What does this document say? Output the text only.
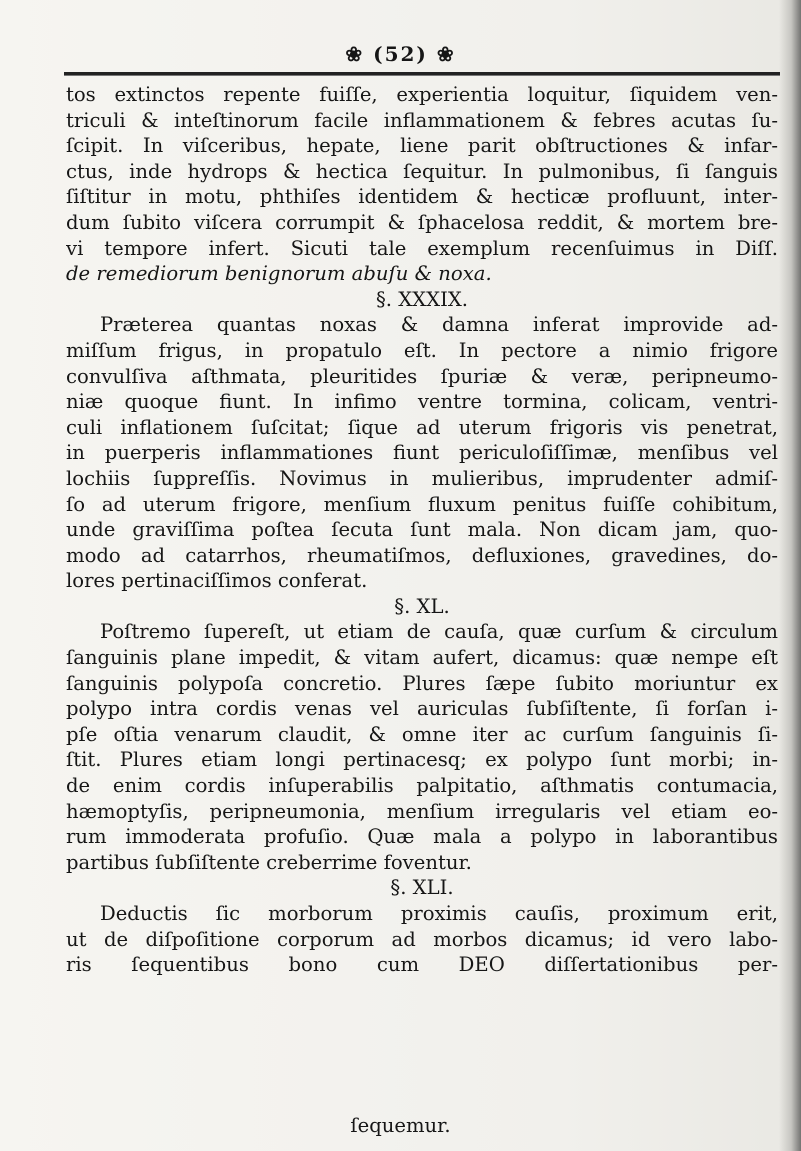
❀ (52) ❀
tos extinctos repente fuiſſe, experientia loquitur, ſiquidem ven-
triculi & inteſtinorum facile inflammationem & febres acutas ſu-
ſcipit. In viſceribus, hepate, liene parit obſtructiones & infar-
ctus, inde hydrops & hectica ſequitur. In pulmonibus, ſi ſanguis
ſiſtitur in motu, phthiſes identidem & hecticæ profluunt, inter-
dum ſubito viſcera corrumpit & ſphacelosa reddit, & mortem bre-
vi tempore infert. Sicuti tale exemplum recenſuimus in Diſſ.
de remediorum benignorum abuſu & noxa.
§. XXXIX.
Præterea quantas noxas & damna inferat improvide ad-
miſſum frigus, in propatulo eſt. In pectore a nimio frigore
convulſiva aſthmata, pleuritides ſpuriæ & veræ, peripneumo-
niæ quoque fiunt. In infimo ventre tormina, colicam, ventri-
culi inflationem ſuſcitat; ſique ad uterum frigoris vis penetrat,
in puerperis inflammationes fiunt periculoſiſſimæ, menſibus vel
lochiis ſuppreſſis. Novimus in mulieribus, imprudenter admiſ-
ſo ad uterum frigore, menſium fluxum penitus fuiſſe cohibitum,
unde graviſſima poſtea ſecuta ſunt mala. Non dicam jam, quo-
modo ad catarrhos, rheumatiſmos, defluxiones, gravedines, do-
lores pertinaciſſimos conferat.
§. XL.
Poſtremo ſupereſt, ut etiam de cauſa, quæ curſum & circulum
ſanguinis plane impedit, & vitam aufert, dicamus: quæ nempe eſt
ſanguinis polypoſa concretio. Plures ſæpe ſubito moriuntur ex
polypo intra cordis venas vel auriculas ſubſiſtente, ſi forſan i-
pſe oſtia venarum claudit, & omne iter ac curſum ſanguinis ſi-
ſtit. Plures etiam longi pertinacesq; ex polypo ſunt morbi; in-
de enim cordis inſuperabilis palpitatio, aſthmatis contumacia,
hæmoptyſis, peripneumonia, menſium irregularis vel etiam eo-
rum immoderata profuſio. Quæ mala a polypo in laborantibus
partibus ſubſiſtente creberrime foventur.
§. XLI.
Deductis ſic morborum proximis cauſis, proximum erit,
ut de diſpoſitione corporum ad morbos dicamus; id vero labo-
ris ſequentibus bono cum DEO diſſertationibus per-
ſequemur.
